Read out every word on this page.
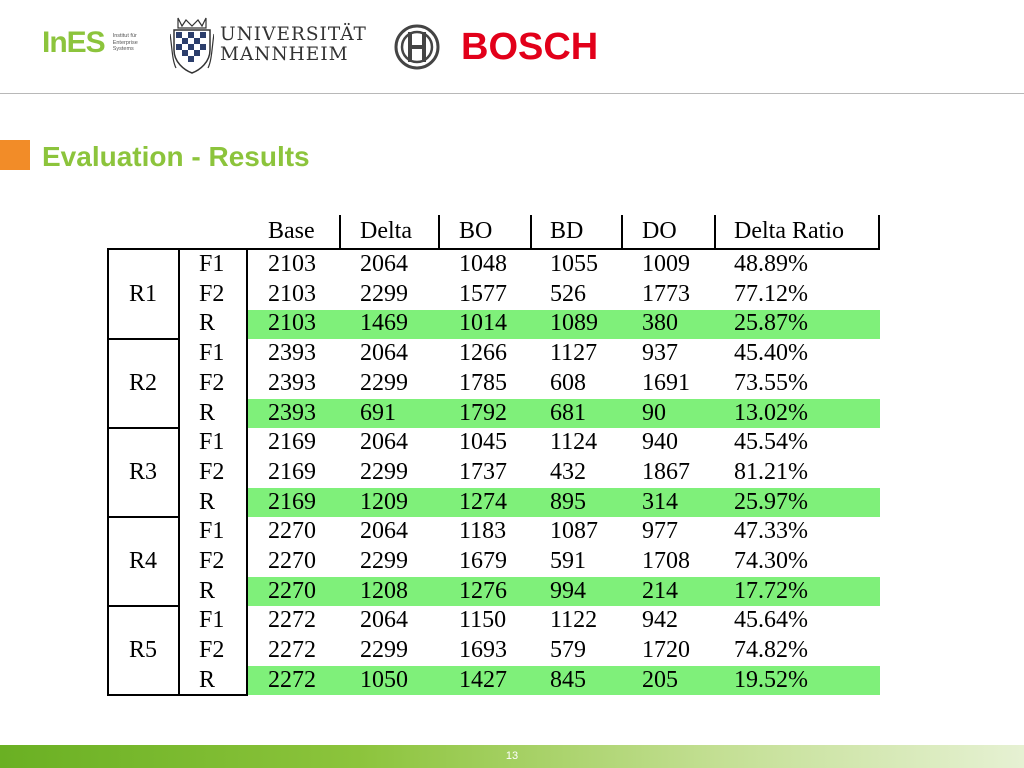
InES Institut für
Enterprise
Systems
UNIVERSITÄT
MANNHEIM	BOSCH
Evaluation - Results
Base Delta BO BD DO Delta Ratio
R1
F1 2103 2064 1048 1055 1009 48.89%
F2 2103 2299 1577 526 1773 77.12%
R 2103 1469 1014 1089 380 25.87%
R2
F1 2393 2064 1266 1127 937 45.40%
F2 2393 2299 1785 608 1691 73.55%
R 2393 691	1792 681 90	13.02%
R3
F1 2169 2064 1045 1124 940 45.54%
F2 2169 2299 1737 432 1867 81.21%
R 2169 1209 1274 895 314 25.97%
R4
F1 2270 2064 1183 1087 977 47.33%
F2 2270 2299 1679 591 1708 74.30%
R 2270 1208 1276 994 214 17.72%
R5
F1 2272 2064 1150 1122 942 45.64%
F2 2272 2299 1693 579 1720 74.82%
R 2272 1050 1427 845 205 19.52%
13
